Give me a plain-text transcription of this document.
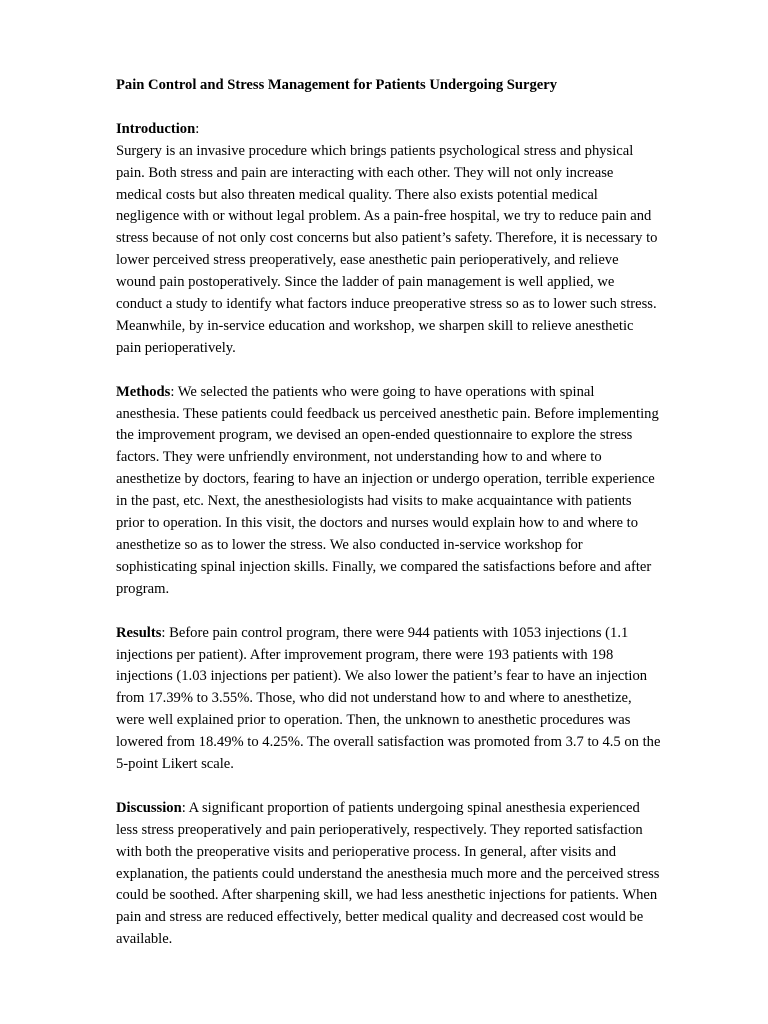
Pain Control and Stress Management for Patients Undergoing Surgery
Introduction:

Surgery is an invasive procedure which brings patients psychological stress and physical pain. Both stress and pain are interacting with each other. They will not only increase medical costs but also threaten medical quality. There also exists potential medical negligence with or without legal problem. As a pain-free hospital, we try to reduce pain and stress because of not only cost concerns but also patient’s safety. Therefore, it is necessary to lower perceived stress preoperatively, ease anesthetic pain perioperatively, and relieve wound pain postoperatively. Since the ladder of pain management is well applied, we conduct a study to identify what factors induce preoperative stress so as to lower such stress. Meanwhile, by in-service education and workshop, we sharpen skill to relieve anesthetic pain perioperatively.

Methods: We selected the patients who were going to have operations with spinal anesthesia. These patients could feedback us perceived anesthetic pain. Before implementing the improvement program, we devised an open-ended questionnaire to explore the stress factors. They were unfriendly environment, not understanding how to and where to anesthetize by doctors, fearing to have an injection or undergo operation, terrible experience in the past, etc. Next, the anesthesiologists had visits to make acquaintance with patients prior to operation. In this visit, the doctors and nurses would explain how to and where to anesthetize so as to lower the stress. We also conducted in-service workshop for sophisticating spinal injection skills. Finally, we compared the satisfactions before and after program.

Results: Before pain control program, there were 944 patients with 1053 injections (1.1 injections per patient). After improvement program, there were 193 patients with 198 injections (1.03 injections per patient). We also lower the patient’s fear to have an injection from 17.39% to 3.55%. Those, who did not understand how to and where to anesthetize, were well explained prior to operation. Then, the unknown to anesthetic procedures was lowered from 18.49% to 4.25%. The overall satisfaction was promoted from 3.7 to 4.5 on the 5-point Likert scale.

Discussion: A significant proportion of patients undergoing spinal anesthesia experienced less stress preoperatively and pain perioperatively, respectively. They reported satisfaction with both the preoperative visits and perioperative process. In general, after visits and explanation, the patients could understand the anesthesia much more and the perceived stress could be soothed. After sharpening skill, we had less anesthetic injections for patients. When pain and stress are reduced effectively, better medical quality and decreased cost would be available.
